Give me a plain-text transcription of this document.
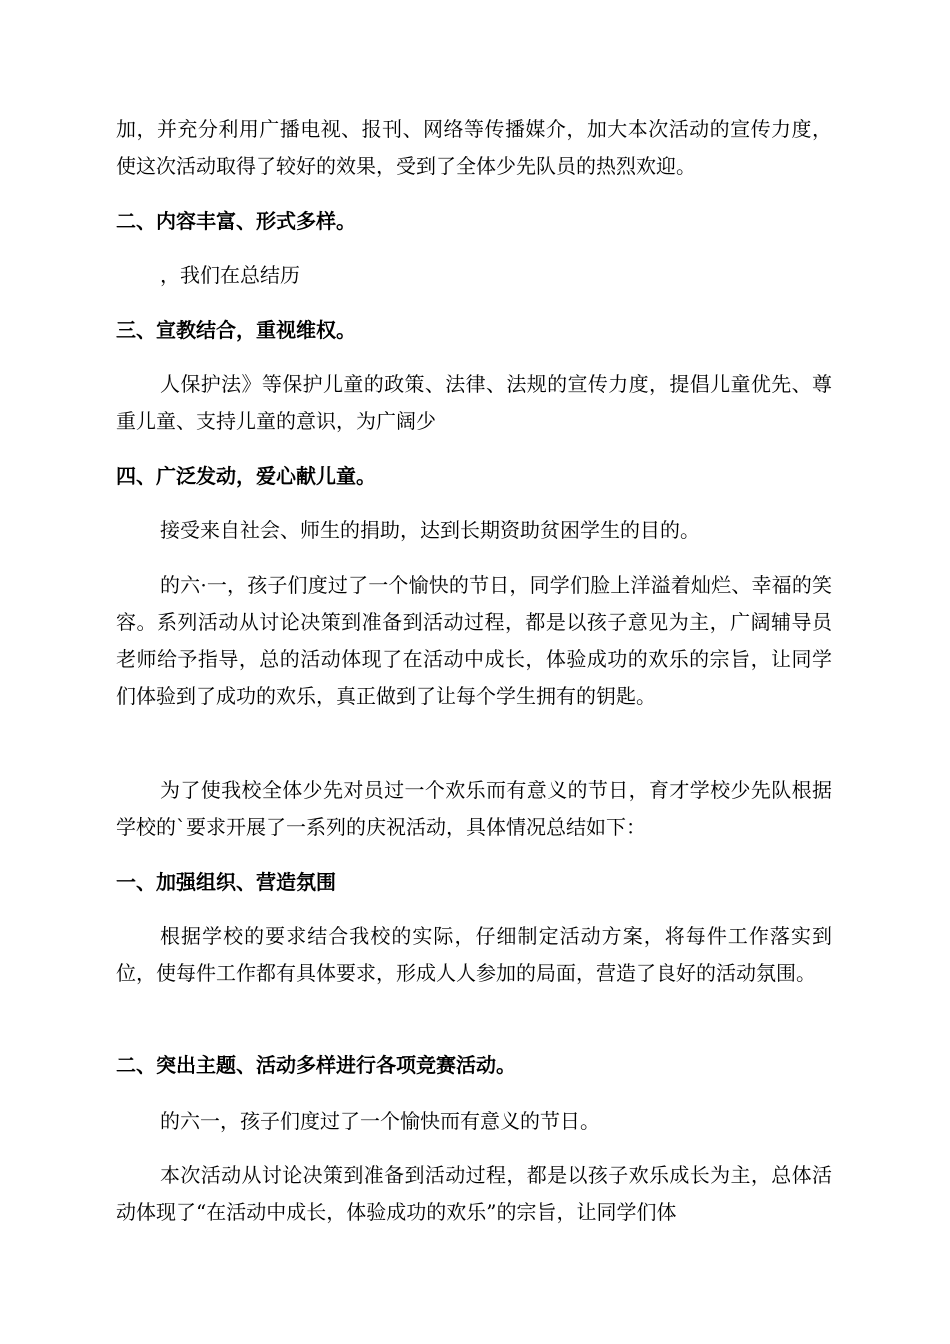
加，并充分利用广播电视、报刊、网络等传播媒介，加大本次活动的宣传力度，使这次活动取得了较好的效果，受到了全体少先队员的热烈欢迎。

二、内容丰富、形式多样。

，我们在总结历

三、宣教结合，重视维权。

人保护法》等保护儿童的政策、法律、法规的宣传力度，提倡儿童优先、尊重儿童、支持儿童的意识，为广阔少

四、广泛发动，爱心献儿童。

接受来自社会、师生的捐助，达到长期资助贫困学生的目的。

的六·一，孩子们度过了一个愉快的节日，同学们脸上洋溢着灿烂、幸福的笑容。系列活动从讨论决策到准备到活动过程，都是以孩子意见为主，广阔辅导员老师给予指导，总的活动体现了在活动中成长，体验成功的欢乐的宗旨，让同学们体验到了成功的欢乐，真正做到了让每个学生拥有的钥匙。

为了使我校全体少先对员过一个欢乐而有意义的节日，育才学校少先队根据学校的`要求开展了一系列的庆祝活动，具体情况总结如下：

一、加强组织、营造氛围

根据学校的要求结合我校的实际，仔细制定活动方案，将每件工作落实到位，使每件工作都有具体要求，形成人人参加的局面，营造了良好的活动氛围。

二、突出主题、活动多样进行各项竞赛活动。

的六一，孩子们度过了一个愉快而有意义的节日。

本次活动从讨论决策到准备到活动过程，都是以孩子欢乐成长为主，总体活动体现了“在活动中成长，体验成功的欢乐”的宗旨，让同学们体
